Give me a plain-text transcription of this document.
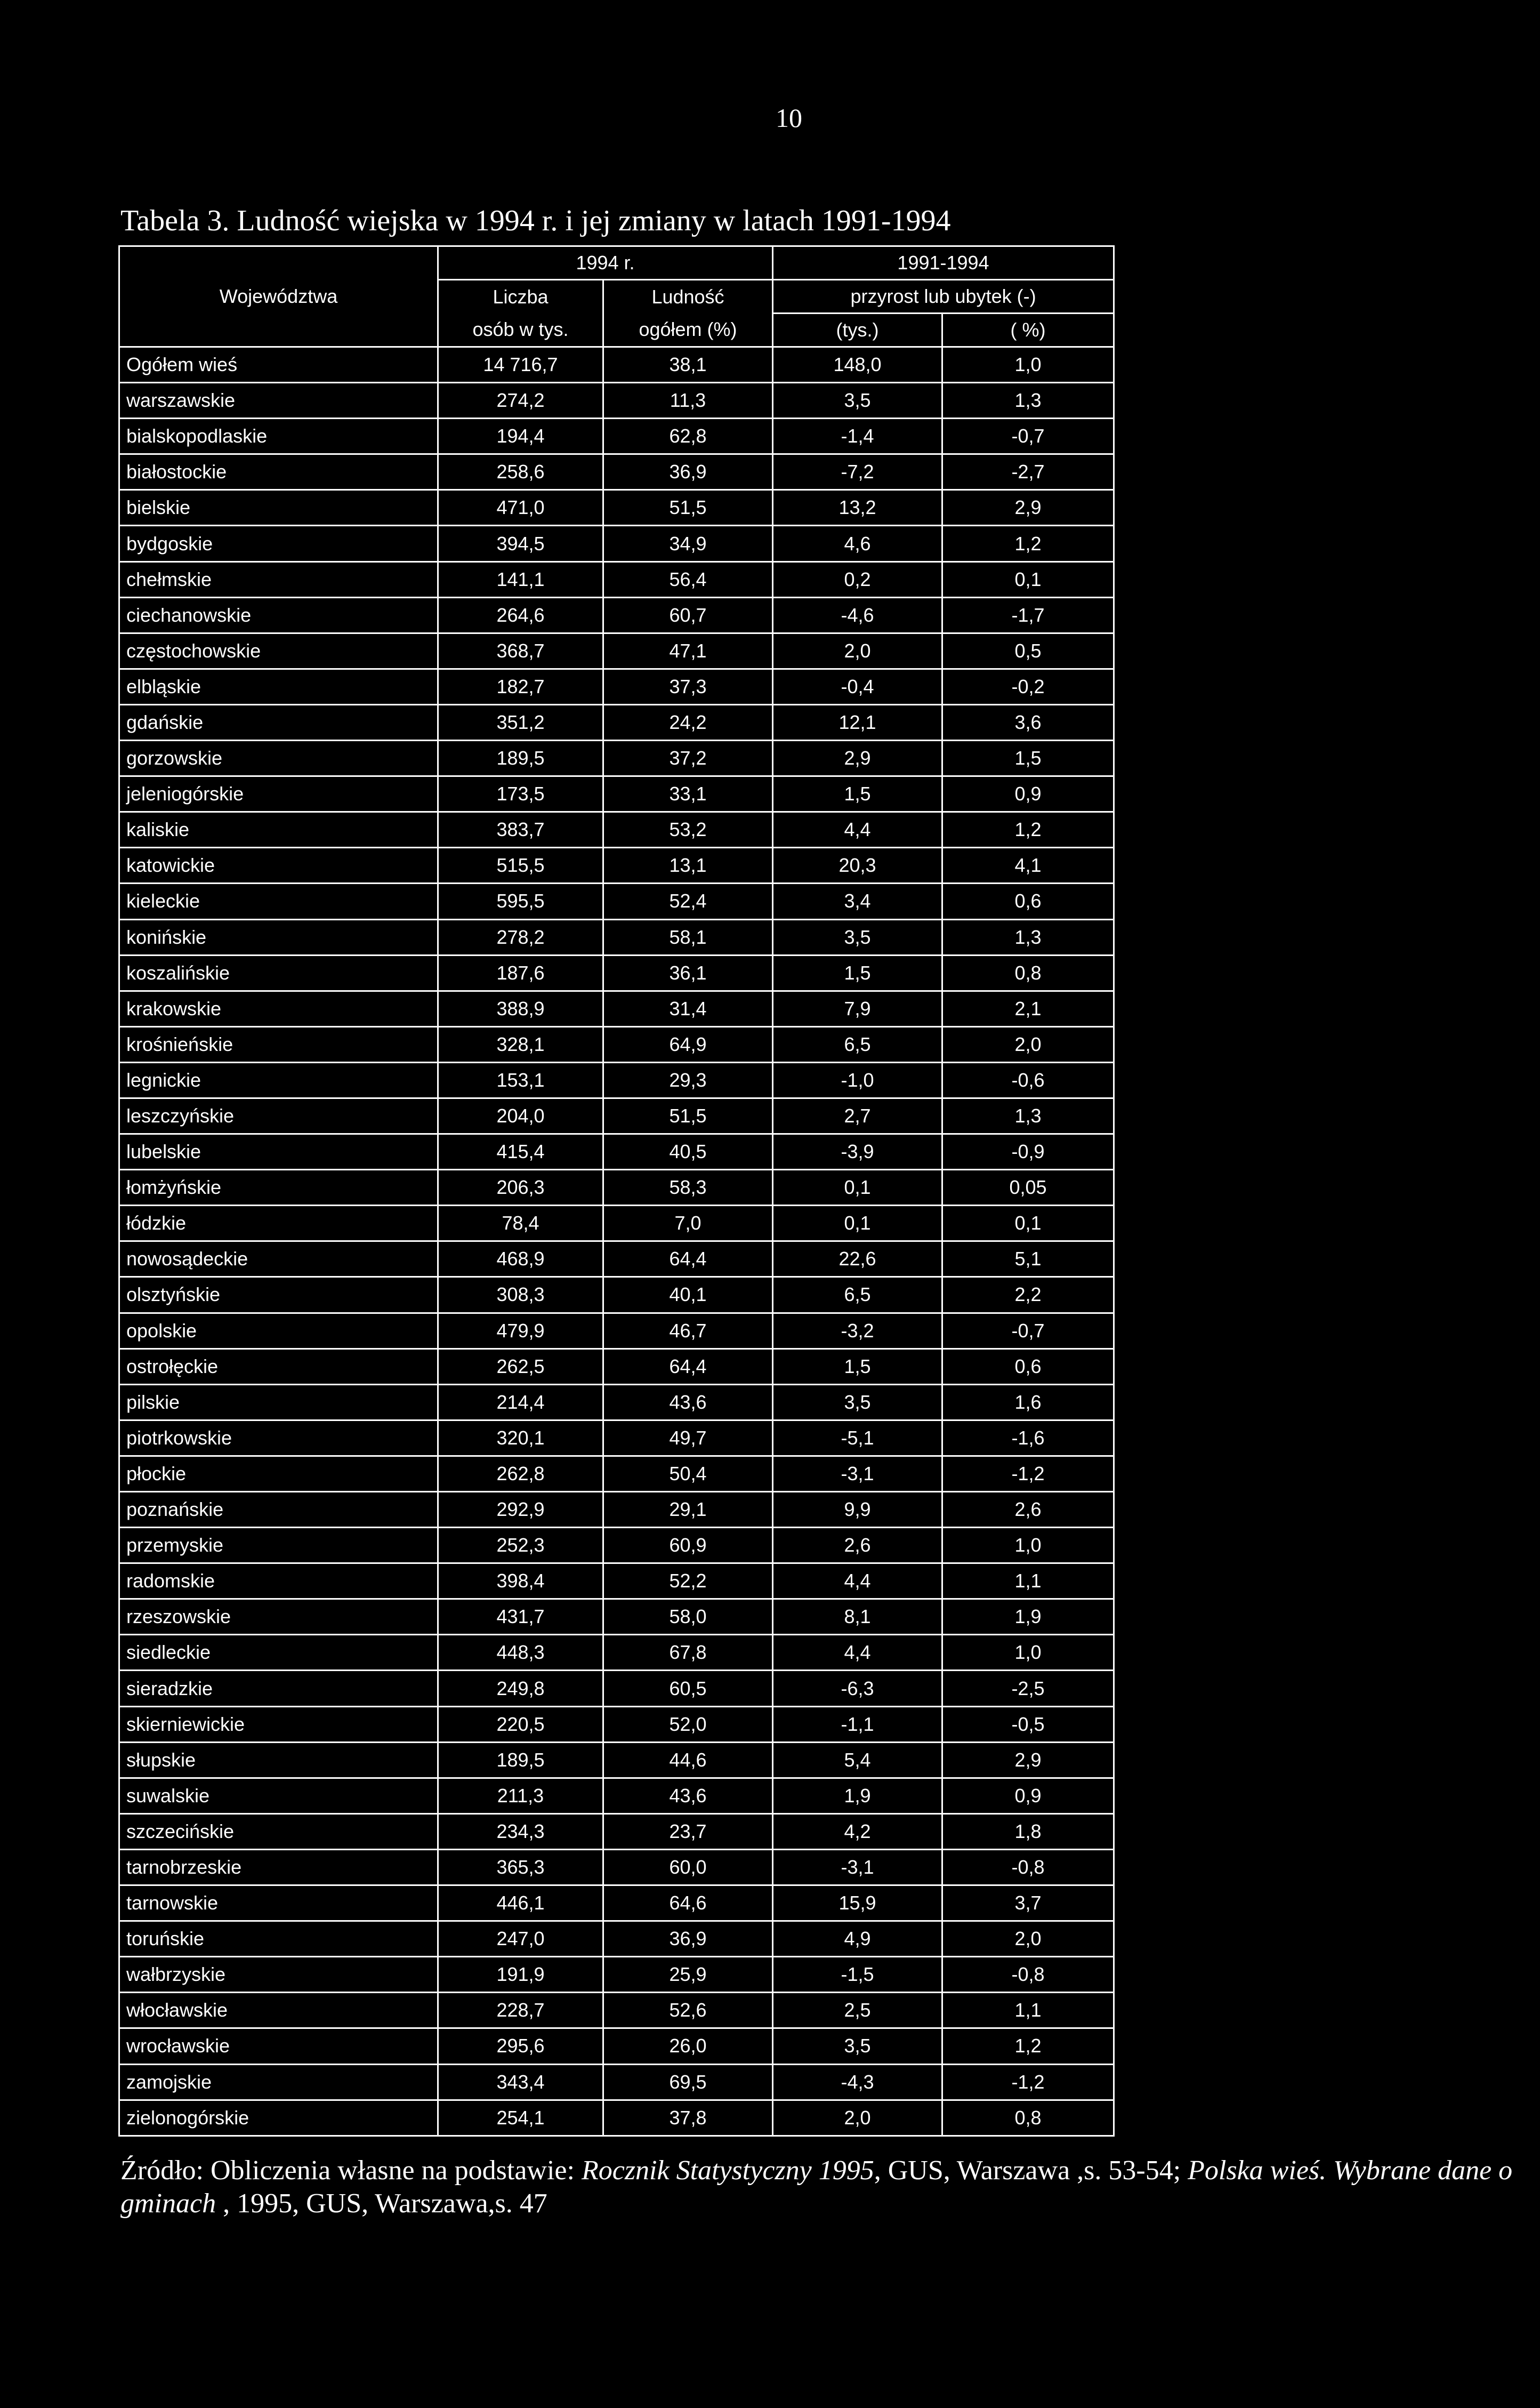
10
Tabela 3. Ludność wiejska w 1994 r. i jej zmiany w latach 1991-1994
Województwa	1994 r.		1991-1994	
	Liczba	Ludność	przyrost lub ubytek (-)	
	osób w tys.	ogółem (%)	(tys.)	( %)
Ogółem wieś	14 716,7	38,1	148,0	1,0
warszawskie	274,2	11,3	3,5	1,3
bialskopodlaskie	194,4	62,8	-1,4	-0,7
białostockie	258,6	36,9	-7,2	-2,7
bielskie	471,0	51,5	13,2	2,9
bydgoskie	394,5	34,9	4,6	1,2
chełmskie	141,1	56,4	0,2	0,1
ciechanowskie	264,6	60,7	-4,6	-1,7
częstochowskie	368,7	47,1	2,0	0,5
elbląskie	182,7	37,3	-0,4	-0,2
gdańskie	351,2	24,2	12,1	3,6
gorzowskie	189,5	37,2	2,9	1,5
jeleniogórskie	173,5	33,1	1,5	0,9
kaliskie	383,7	53,2	4,4	1,2
katowickie	515,5	13,1	20,3	4,1
kieleckie	595,5	52,4	3,4	0,6
konińskie	278,2	58,1	3,5	1,3
koszalińskie	187,6	36,1	1,5	0,8
krakowskie	388,9	31,4	7,9	2,1
krośnieńskie	328,1	64,9	6,5	2,0
legnickie	153,1	29,3	-1,0	-0,6
leszczyńskie	204,0	51,5	2,7	1,3
lubelskie	415,4	40,5	-3,9	-0,9
łomżyńskie	206,3	58,3	0,1	0,05
łódzkie	78,4	7,0	0,1	0,1
nowosądeckie	468,9	64,4	22,6	5,1
olsztyńskie	308,3	40,1	6,5	2,2
opolskie	479,9	46,7	-3,2	-0,7
ostrołęckie	262,5	64,4	1,5	0,6
pilskie	214,4	43,6	3,5	1,6
piotrkowskie	320,1	49,7	-5,1	-1,6
płockie	262,8	50,4	-3,1	-1,2
poznańskie	292,9	29,1	9,9	2,6
przemyskie	252,3	60,9	2,6	1,0
radomskie	398,4	52,2	4,4	1,1
rzeszowskie	431,7	58,0	8,1	1,9
siedleckie	448,3	67,8	4,4	1,0
sieradzkie	249,8	60,5	-6,3	-2,5
skierniewickie	220,5	52,0	-1,1	-0,5
słupskie	189,5	44,6	5,4	2,9
suwalskie	211,3	43,6	1,9	0,9
szczecińskie	234,3	23,7	4,2	1,8
tarnobrzeskie	365,3	60,0	-3,1	-0,8
tarnowskie	446,1	64,6	15,9	3,7
toruńskie	247,0	36,9	4,9	2,0
wałbrzyskie	191,9	25,9	-1,5	-0,8
włocławskie	228,7	52,6	2,5	1,1
wrocławskie	295,6	26,0	3,5	1,2
zamojskie	343,4	69,5	-4,3	-1,2
zielonogórskie	254,1	37,8	2,0	0,8
Źródło: Obliczenia własne na podstawie: Rocznik Statystyczny 1995, GUS, Warszawa ,s. 53-54; Polska wieś. Wybrane dane o gminach , 1995, GUS, Warszawa,s. 47
